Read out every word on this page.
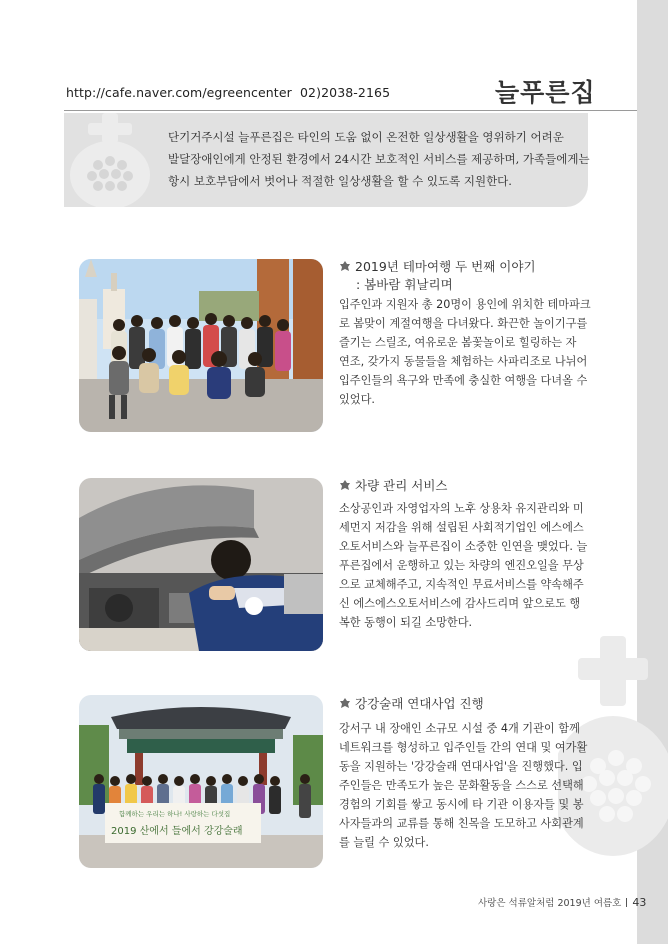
http://cafe.naver.com/egreencenter 02)2038-2165	늘푸른집

단기거주시설 늘푸른집은 타인의 도움 없이 온전한 일상생활을 영위하기 어려운

발달장애인에게 안정된 환경에서 24시간 보호적인 서비스를 제공하며, 가족들에게는

항시 보호부담에서 벗어나 적절한 일상생활을 할 수 있도록 지원한다.

2019년 테마여행 두 번째 이야기
: 봄바람 휘날리며
입주인과 지원자 총 20명이 용인에 위치한 테마파크
로 봄맞이 계절여행을 다녀왔다. 화끈한 놀이기구를
즐기는 스릴조, 여유로운 봄꽃놀이로 힐링하는 자
연조, 갖가지 동물들을 체험하는 사파리조로 나뉘어
입주인들의 욕구와 만족에 충실한 여행을 다녀올 수
있었다.
차량 관리 서비스
소상공인과 자영업자의 노후 상용차 유지관리와 미
세먼지 저감을 위해 설립된 사회적기업인 에스에스
오토서비스와 늘푸른집이 소중한 인연을 맺었다. 늘
푸른집에서 운행하고 있는 차량의 엔진오일을 무상
으로 교체해주고, 지속적인 무료서비스를 약속해주
신 에스에스오토서비스에 감사드리며 앞으로도 행
복한 동행이 되길 소망한다.
함께하는 우리는 하나! 사랑하는 다섯집
2019 산에서 들에서 강강술래
강강술래 연대사업 진행
강서구 내 장애인 소규모 시설 중 4개 기관이 함께
네트워크를 형성하고 입주인들 간의 연대 및 여가활
동을 지원하는 '강강술래 연대사업'을 진행했다. 입
주인들은 만족도가 높은 문화활동을 스스로 선택해
경험의 기회를 쌓고 동시에 타 기관 이용자들 및 봉
사자들과의 교류를 통해 친목을 도모하고 사회관계
를 늘릴 수 있었다.
사랑은 석류알처럼 2019년 여름호 43
